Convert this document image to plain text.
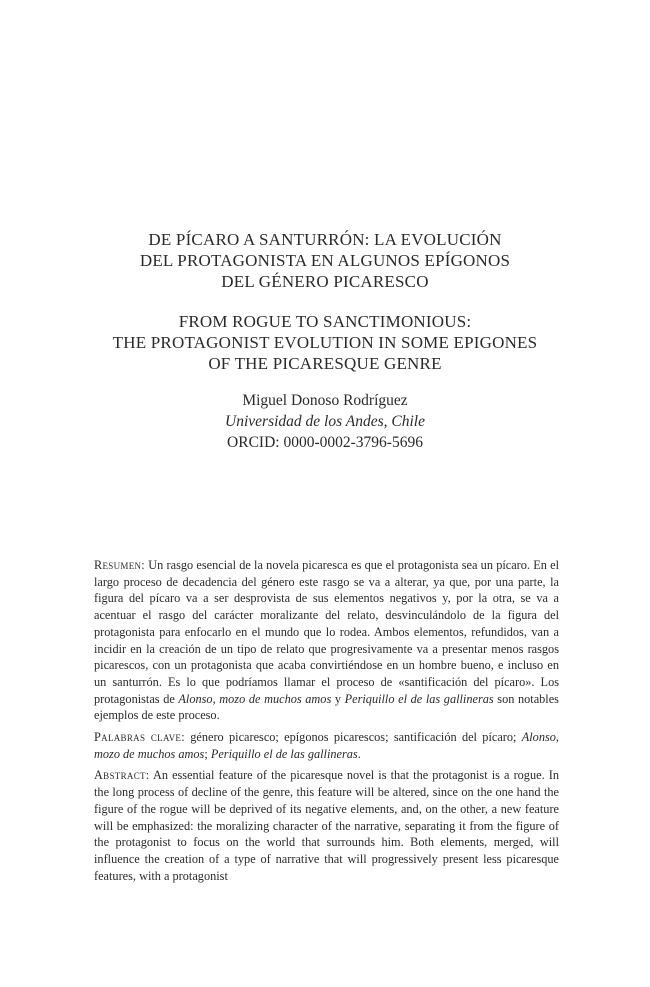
DE PÍCARO A SANTURRÓN: LA EVOLUCIÓN
DEL PROTAGONISTA EN ALGUNOS EPÍGONOS
DEL GÉNERO PICARESCO
FROM ROGUE TO SANCTIMONIOUS:
THE PROTAGONIST EVOLUTION IN SOME EPIGONES
OF THE PICARESQUE GENRE
Miguel Donoso Rodríguez
Universidad de los Andes, Chile
ORCID: 0000-0002-3796-5696

Resumen: Un rasgo esencial de la novela picaresca es que el protagonista sea un pícaro. En el largo proceso de decadencia del género este rasgo se va a alterar, ya que, por una parte, la figura del pícaro va a ser desprovista de sus elementos negativos y, por la otra, se va a acentuar el rasgo del carácter moralizante del relato, desvinculándolo de la figura del protagonista para enfocarlo en el mundo que lo rodea. Ambos elementos, refundidos, van a incidir en la creación de un tipo de relato que progresivamente va a presentar menos rasgos picarescos, con un protagonista que acaba convirtiéndose en un hombre bueno, e incluso en un santurrón. Es lo que podríamos llamar el proceso de «santificación del pícaro». Los protagonistas de Alonso, mozo de muchos amos y Periquillo el de las gallineras son notables ejemplos de este proceso.

Palabras clave: género picaresco; epígonos picarescos; santificación del pícaro; Alonso, mozo de muchos amos; Periquillo el de las gallineras.

Abstract: An essential feature of the picaresque novel is that the protagonist is a rogue. In the long process of decline of the genre, this feature will be altered, since on the one hand the figure of the rogue will be deprived of its negative elements, and, on the other, a new feature will be emphasized: the moralizing character of the narrative, separating it from the figure of the protagonist to focus on the world that surrounds him. Both elements, merged, will influence the creation of a type of narrative that will progressively present less picaresque features, with a protagonist
